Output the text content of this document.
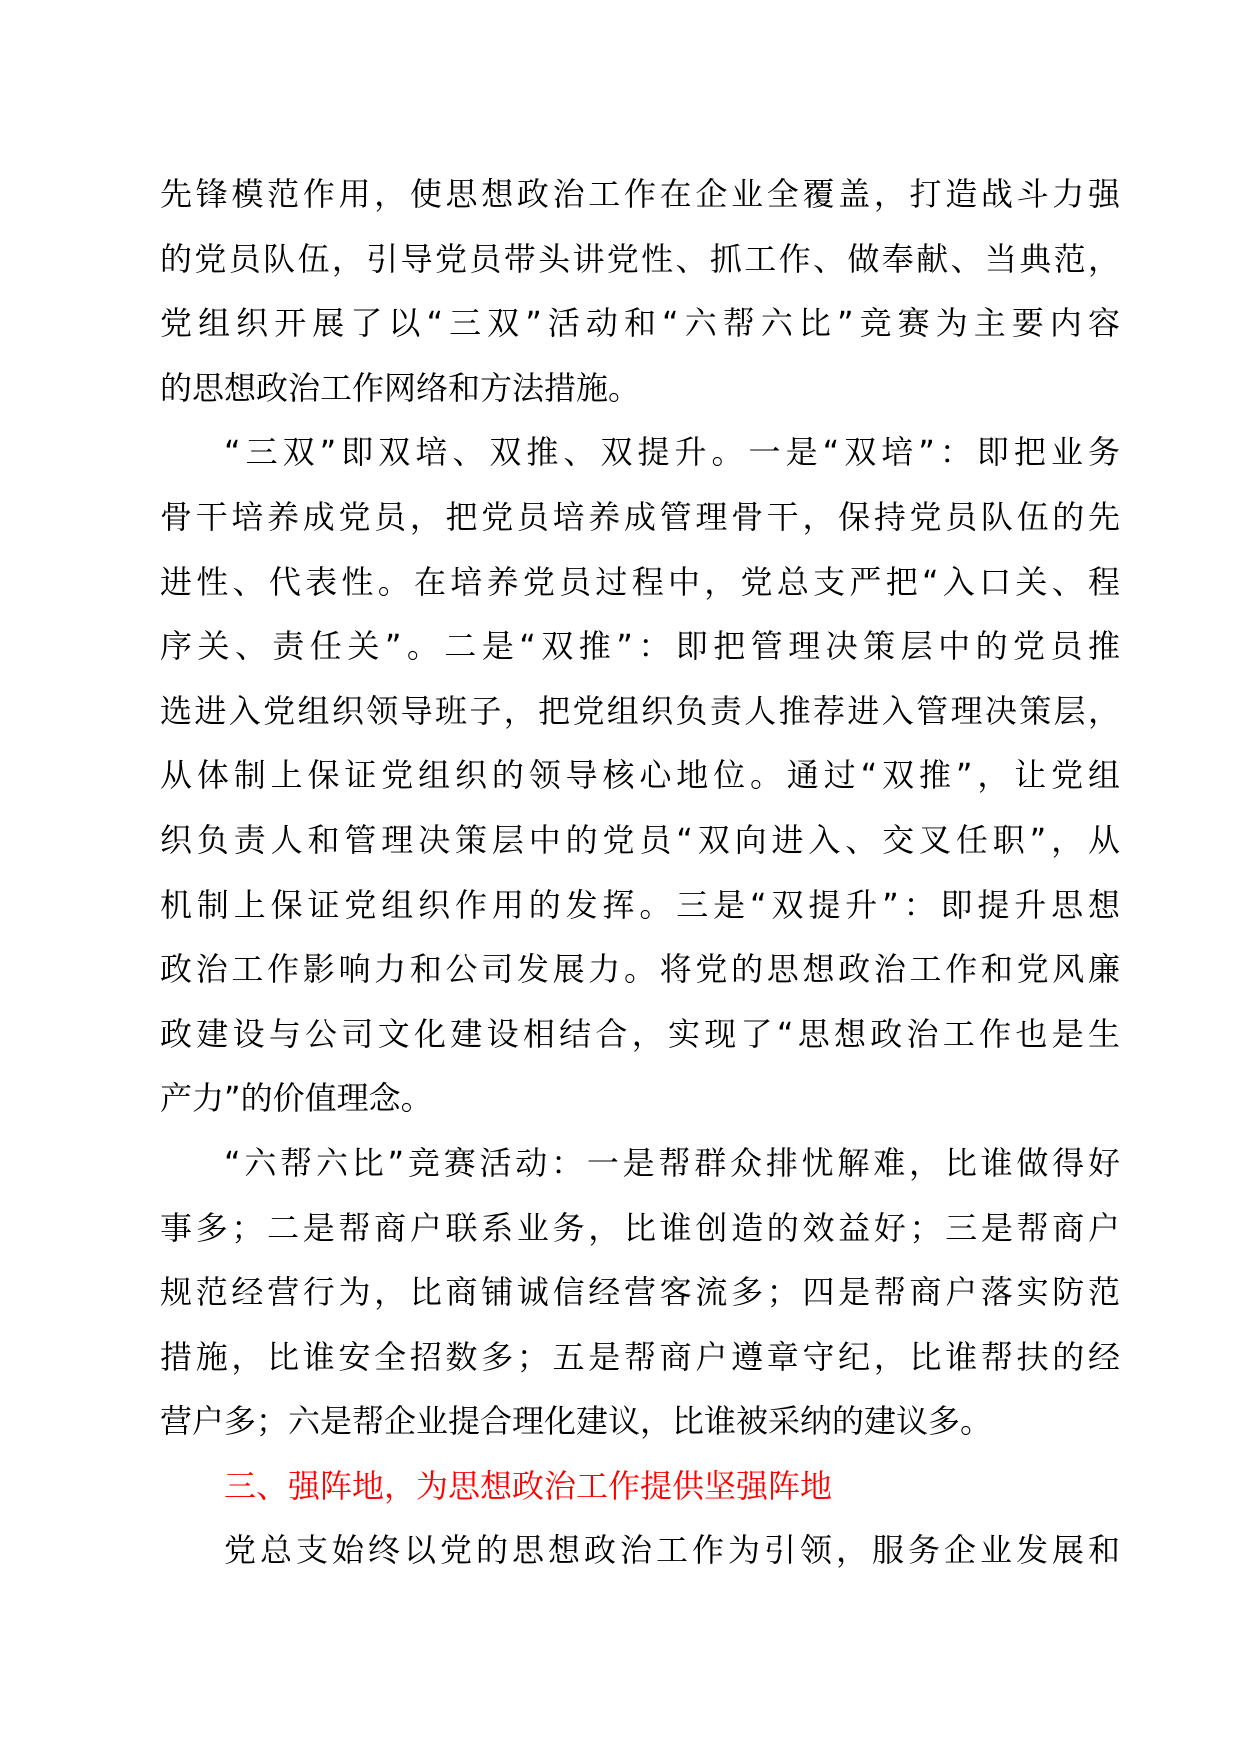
先锋模范作用，使思想政治工作在企业全覆盖，打造战斗力强
的党员队伍，引导党员带头讲党性、抓工作、做奉献、当典范，
党组织开展了以“三双”活动和“六帮六比”竞赛为主要内容
的思想政治工作网络和方法措施。

“三双”即双培、双推、双提升。一是“双培”：即把业务
骨干培养成党员，把党员培养成管理骨干，保持党员队伍的先
进性、代表性。在培养党员过程中，党总支严把“入口关、程
序关、责任关”。二是“双推”：即把管理决策层中的党员推
选进入党组织领导班子，把党组织负责人推荐进入管理决策层，
从体制上保证党组织的领导核心地位。通过“双推”，让党组
织负责人和管理决策层中的党员“双向进入、交叉任职”，从
机制上保证党组织作用的发挥。三是“双提升”：即提升思想
政治工作影响力和公司发展力。将党的思想政治工作和党风廉
政建设与公司文化建设相结合，实现了“思想政治工作也是生
产力”的价值理念。

“六帮六比”竞赛活动：一是帮群众排忧解难，比谁做得好
事多；二是帮商户联系业务，比谁创造的效益好；三是帮商户
规范经营行为，比商铺诚信经营客流多；四是帮商户落实防范
措施，比谁安全招数多；五是帮商户遵章守纪，比谁帮扶的经
营户多；六是帮企业提合理化建议，比谁被采纳的建议多。

三、强阵地，为思想政治工作提供坚强阵地

党总支始终以党的思想政治工作为引领，服务企业发展和
